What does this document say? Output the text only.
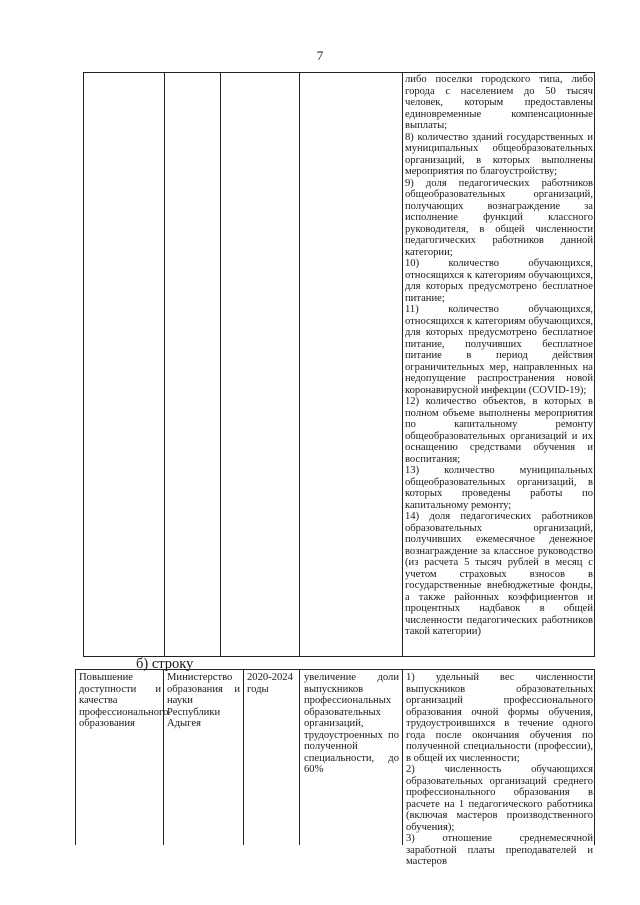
7

либо поселки городского типа, либо города с населением до 50 тысяч человек, которым предоставлены единовременные компенсационные выплаты;

8) количество зданий государственных и муниципальных общеобразовательных организаций, в которых выполнены мероприятия по благоустройству;

9) доля педагогических работников общеобразовательных организаций, получающих вознаграждение за исполнение функций классного руководителя, в общей численности педагогических работников данной категории;

10) количество обучающихся, относящихся к категориям обучающихся, для которых предусмотрено бесплатное питание;

11) количество обучающихся, относящихся к категориям обучающихся, для которых предусмотрено бесплатное питание, получивших бесплатное питание в период действия ограничительных мер, направленных на недопущение распространения новой коронавирусной инфекции (COVID-19);

12) количество объектов, в которых в полном объеме выполнены мероприятия по капитальному ремонту общеобразовательных организаций и их оснащению средствами обучения и воспитания;

13) количество муниципальных общеобразовательных организаций, в которых проведены работы по капитальному ремонту;

14) доля педагогических работников образовательных организаций, получивших ежемесячное денежное вознаграждение за классное руководство (из расчета 5 тысяч рублей в месяц с учетом страховых взносов в государственные внебюджетные фонды, а также районных коэффициентов и процентных надбавок в общей численности педагогических работников такой категории)

б) строку
Повышение доступности и качества профессионального образования
Министерство образования и науки Республики Адыгея
2020-2024 годы
увеличение доли выпускников профессиональных образовательных организаций, трудоустроенных по полученной специальности, до 60%

1) удельный вес численности выпускников образовательных организаций профессионального образования очной формы обучения, трудоустроившихся в течение одного года после окончания обучения по полученной специальности (профессии), в общей их численности;

2) численность обучающихся образовательных организаций среднего профессионального образования в расчете на 1 педагогического работника (включая мастеров производственного обучения);

3) отношение среднемесячной заработной платы преподавателей и мастеров
